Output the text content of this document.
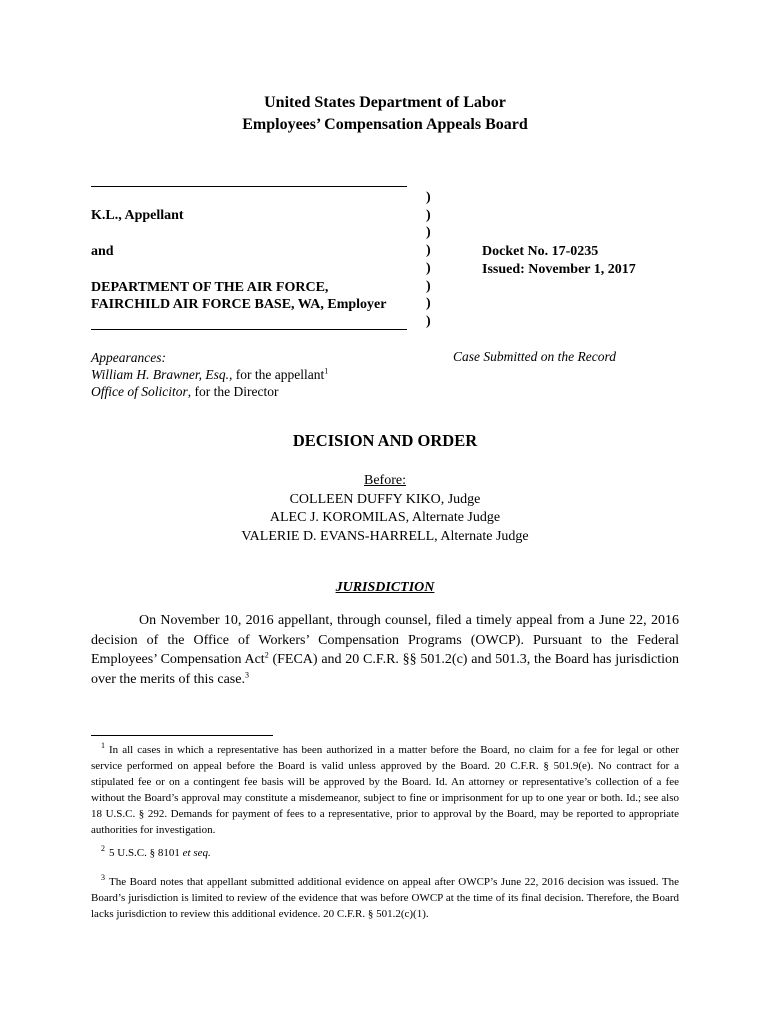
United States Department of Labor
Employees’ Compensation Appeals Board
K.L., Appellant
and
DEPARTMENT OF THE AIR FORCE,
FAIRCHILD AIR FORCE BASE, WA, Employer
)
)
)
)
)
)
)
)
Docket No. 17-0235
Issued: November 1, 2017
Appearances:
William H. Brawner, Esq., for the appellant$^1$
Office of Solicitor, for the Director
Case Submitted on the Record
DECISION AND ORDER
Before:
COLLEEN DUFFY KIKO, Judge
ALEC J. KOROMILAS, Alternate Judge
VALERIE D. EVANS-HARRELL, Alternate Judge
JURISDICTION
On November 10, 2016 appellant, through counsel, filed a timely appeal from a June 22, 2016 decision of the Office of Workers’ Compensation Programs (OWCP). Pursuant to the Federal Employees’ Compensation Act$^2$ (FECA) and 20 C.F.R. §§ 501.2(c) and 501.3, the Board has jurisdiction over the merits of this case.$^3$
$^1$ In all cases in which a representative has been authorized in a matter before the Board, no claim for a fee for legal or other service performed on appeal before the Board is valid unless approved by the Board. 20 C.F.R. § 501.9(e). No contract for a stipulated fee or on a contingent fee basis will be approved by the Board. Id. An attorney or representative’s collection of a fee without the Board’s approval may constitute a misdemeanor, subject to fine or imprisonment for up to one year or both. Id.; see also 18 U.S.C. § 292. Demands for payment of fees to a representative, prior to approval by the Board, may be reported to appropriate authorities for investigation.
$^2$ 5 U.S.C. § 8101 et seq.
$^3$ The Board notes that appellant submitted additional evidence on appeal after OWCP’s June 22, 2016 decision was issued. The Board’s jurisdiction is limited to review of the evidence that was before OWCP at the time of its final decision. Therefore, the Board lacks jurisdiction to review this additional evidence. 20 C.F.R. § 501.2(c)(1).
